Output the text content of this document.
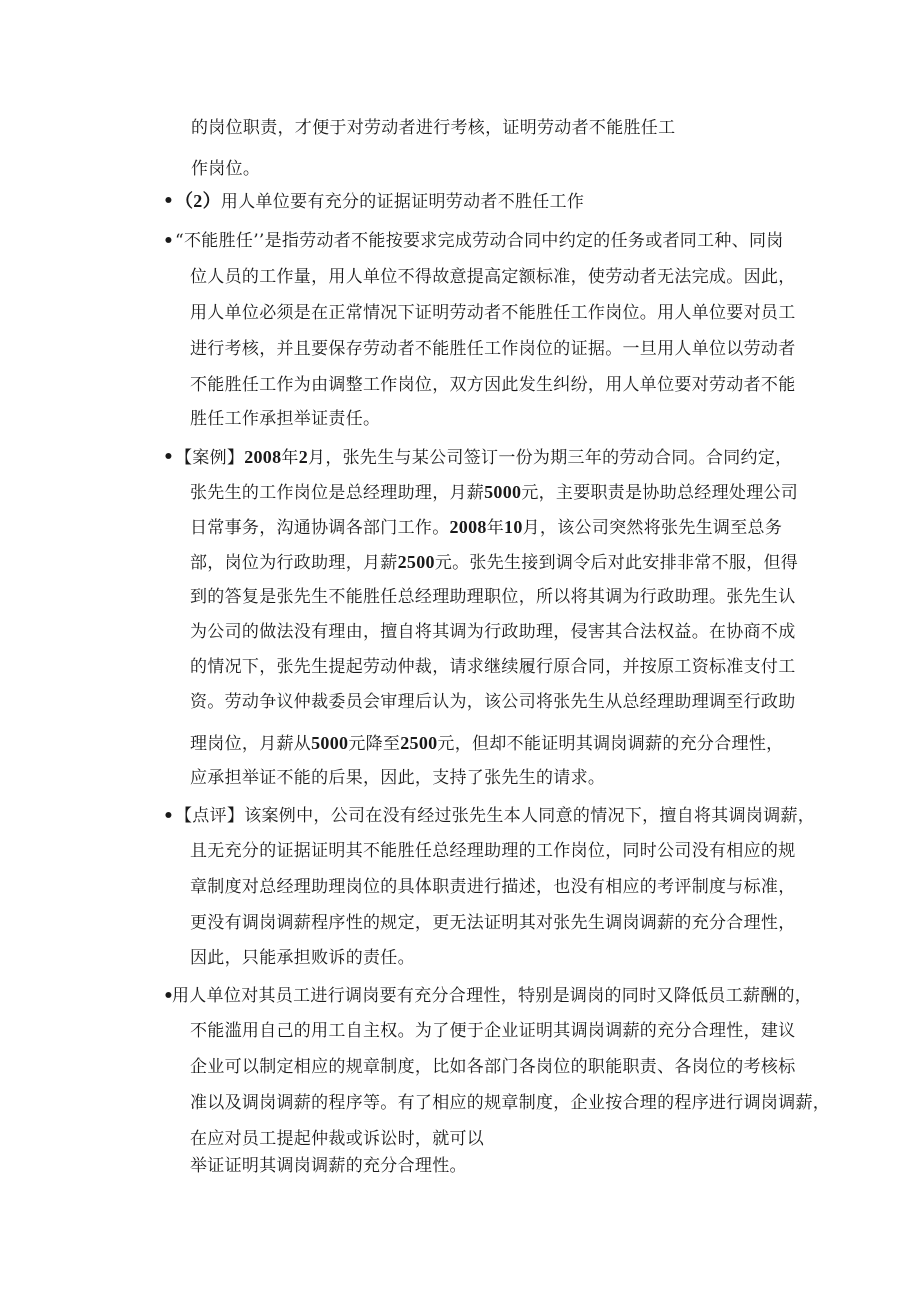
的岗位职责，才便于对劳动者进行考核，证明劳动者不能胜任工
作岗位。
• （2）用人单位要有充分的证据证明劳动者不胜任工作
• “不能胜任’’是指劳动者不能按要求完成劳动合同中约定的任务或者同工种、同岗
位人员的工作量，用人单位不得故意提高定额标准，使劳动者无法完成。因此，
用人单位必须是在正常情况下证明劳动者不能胜任工作岗位。用人单位要对员工
进行考核，并且要保存劳动者不能胜任工作岗位的证据。一旦用人单位以劳动者
不能胜任工作为由调整工作岗位，双方因此发生纠纷，用人单位要对劳动者不能
胜任工作承担举证责任。
• 【案例】2008年2月，张先生与某公司签订一份为期三年的劳动合同。合同约定，
张先生的工作岗位是总经理助理，月薪5000元，主要职责是协助总经理处理公司
日常事务，沟通协调各部门工作。2008年10月，该公司突然将张先生调至总务
部，岗位为行政助理，月薪2500元。张先生接到调令后对此安排非常不服，但得
到的答复是张先生不能胜任总经理助理职位，所以将其调为行政助理。张先生认
为公司的做法没有理由，擅自将其调为行政助理，侵害其合法权益。在协商不成
的情况下，张先生提起劳动仲裁，请求继续履行原合同，并按原工资标准支付工
资。劳动争议仲裁委员会审理后认为，该公司将张先生从总经理助理调至行政助
理岗位，月薪从5000元降至2500元，但却不能证明其调岗调薪的充分合理性，
应承担举证不能的后果，因此，支持了张先生的请求。
• 【点评】该案例中，公司在没有经过张先生本人同意的情况下，擅自将其调岗调薪，
且无充分的证据证明其不能胜任总经理助理的工作岗位，同时公司没有相应的规
章制度对总经理助理岗位的具体职责进行描述，也没有相应的考评制度与标准，
更没有调岗调薪程序性的规定，更无法证明其对张先生调岗调薪的充分合理性，
因此，只能承担败诉的责任。
•
用人单位对其员工进行调岗要有充分合理性，特别是调岗的同时又降低员工薪酬的，
不能滥用自己的用工自主权。为了便于企业证明其调岗调薪的充分合理性，建议
企业可以制定相应的规章制度，比如各部门各岗位的职能职责、各岗位的考核标
准以及调岗调薪的程序等。有了相应的规章制度，企业按合理的程序进行调岗调薪，
在应对员工提起仲裁或诉讼时，就可以
举证证明其调岗调薪的充分合理性。
